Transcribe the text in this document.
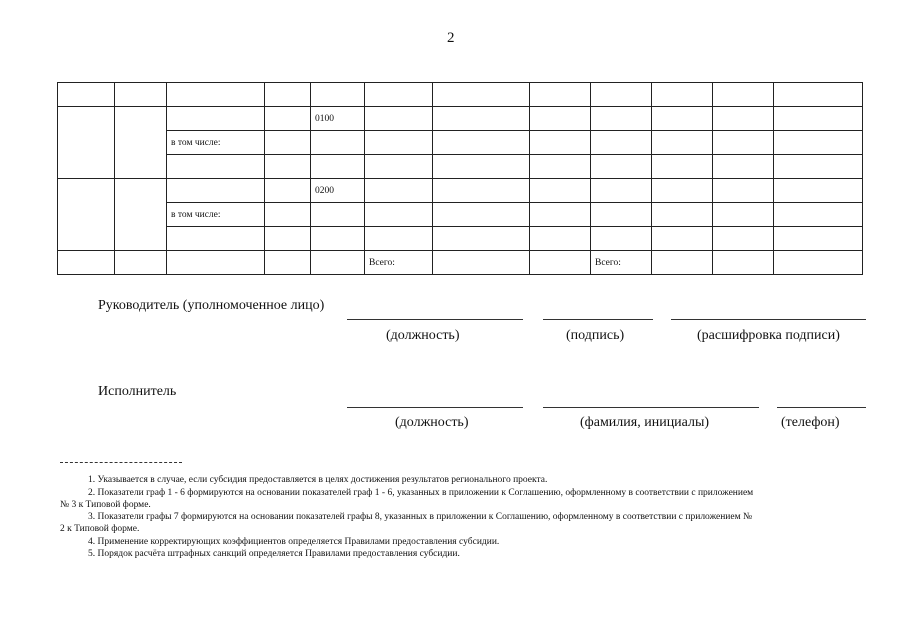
2

				0100							
		в том числе:									

				0200							
		в том числе:									

					Всего:			Всего:			
Руководитель (уполномоченное лицо)
(должность)	(подпись)	(расшифровка подписи)
Исполнитель
(должность)	(фамилия, инициалы)	(телефон)
1. Указывается в случае, если субсидия предоставляется в целях достижения результатов регионального проекта.
2. Показатели граф 1 - 6 формируются на основании показателей граф 1 - 6, указанных в приложении к Соглашению, оформленному в соответствии с приложением
№ 3 к Типовой форме.
3. Показатели графы 7 формируются на основании показателей графы 8, указанных в приложении к Соглашению, оформленному в соответствии с приложением №
2 к Типовой форме.
4. Применение корректирующих коэффициентов определяется Правилами предоставления субсидии.
5. Порядок расчёта штрафных санкций определяется Правилами предоставления субсидии.
